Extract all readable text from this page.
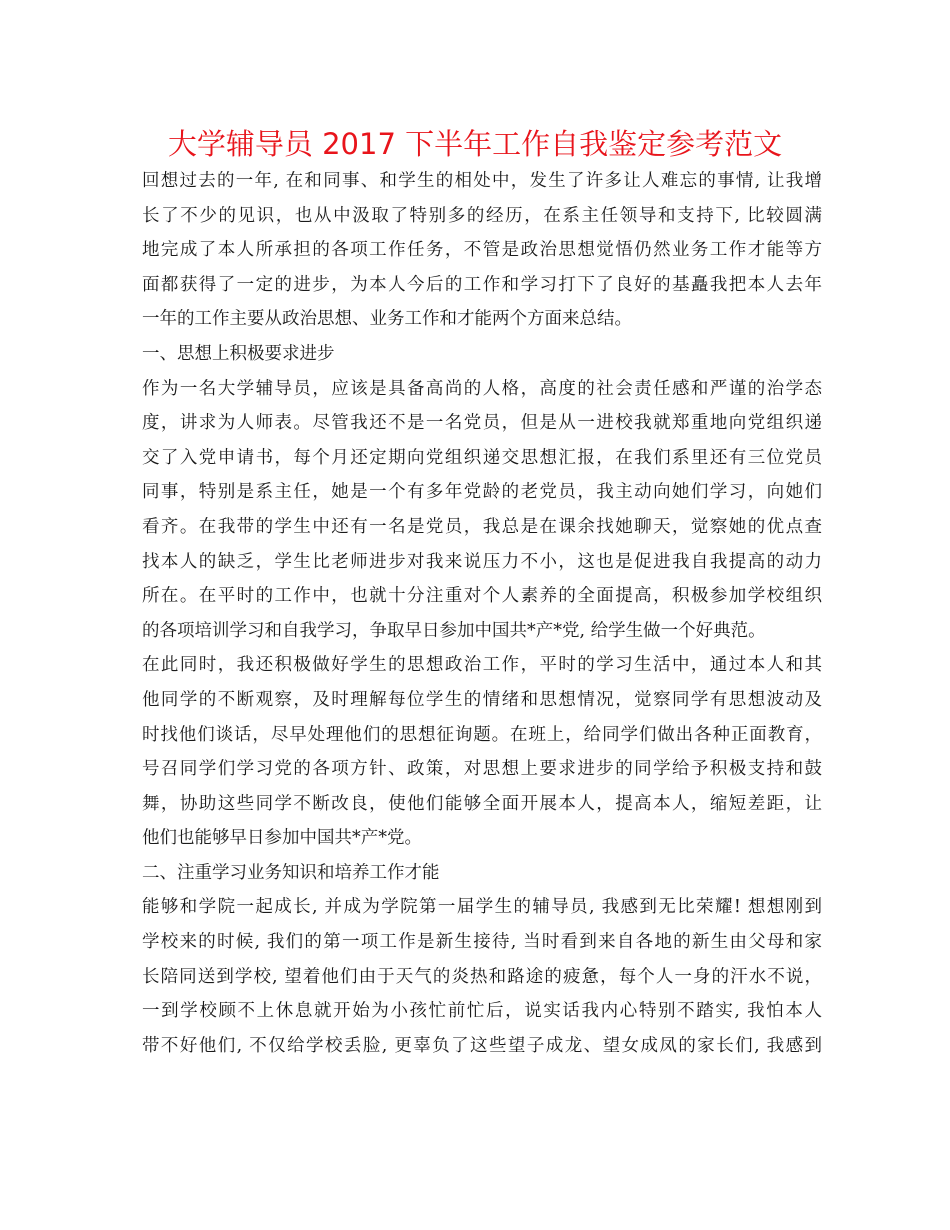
大学辅导员 2017 下半年工作自我鉴定参考范文
回想过去的一年, 在和同事、和学生的相处中，发生了许多让人难忘的事情, 让我增
长了不少的见识，也从中汲取了特别多的经历，在系主任领导和支持下, 比较圆满
地完成了本人所承担的各项工作任务，不管是政治思想觉悟仍然业务工作才能等方
面都获得了一定的进步，为本人今后的工作和学习打下了良好的基矗我把本人去年
一年的工作主要从政治思想、业务工作和才能两个方面来总结。
一、思想上积极要求进步
作为一名大学辅导员，应该是具备高尚的人格，高度的社会责任感和严谨的治学态
度，讲求为人师表。尽管我还不是一名党员，但是从一进校我就郑重地向党组织递
交了入党申请书，每个月还定期向党组织递交思想汇报，在我们系里还有三位党员
同事，特别是系主任，她是一个有多年党龄的老党员，我主动向她们学习，向她们
看齐。在我带的学生中还有一名是党员，我总是在课余找她聊天，觉察她的优点查
找本人的缺乏，学生比老师进步对我来说压力不小，这也是促进我自我提高的动力
所在。在平时的工作中，也就十分注重对个人素养的全面提高，积极参加学校组织
的各项培训学习和自我学习，争取早日参加中国共*产*党, 给学生做一个好典范。
在此同时，我还积极做好学生的思想政治工作，平时的学习生活中，通过本人和其
他同学的不断观察，及时理解每位学生的情绪和思想情况，觉察同学有思想波动及
时找他们谈话，尽早处理他们的思想征询题。在班上，给同学们做出各种正面教育，
号召同学们学习党的各项方针、政策，对思想上要求进步的同学给予积极支持和鼓
舞，协助这些同学不断改良，使他们能够全面开展本人，提高本人，缩短差距，让
他们也能够早日参加中国共*产*党。
二、注重学习业务知识和培养工作才能
能够和学院一起成长, 并成为学院第一届学生的辅导员, 我感到无比荣耀! 想想刚到
学校来的时候, 我们的第一项工作是新生接待, 当时看到来自各地的新生由父母和家
长陪同送到学校, 望着他们由于天气的炎热和路途的疲惫，每个人一身的汗水不说，
一到学校顾不上休息就开始为小孩忙前忙后，说实话我内心特别不踏实, 我怕本人
带不好他们, 不仅给学校丢脸, 更辜负了这些望子成龙、望女成凤的家长们, 我感到
